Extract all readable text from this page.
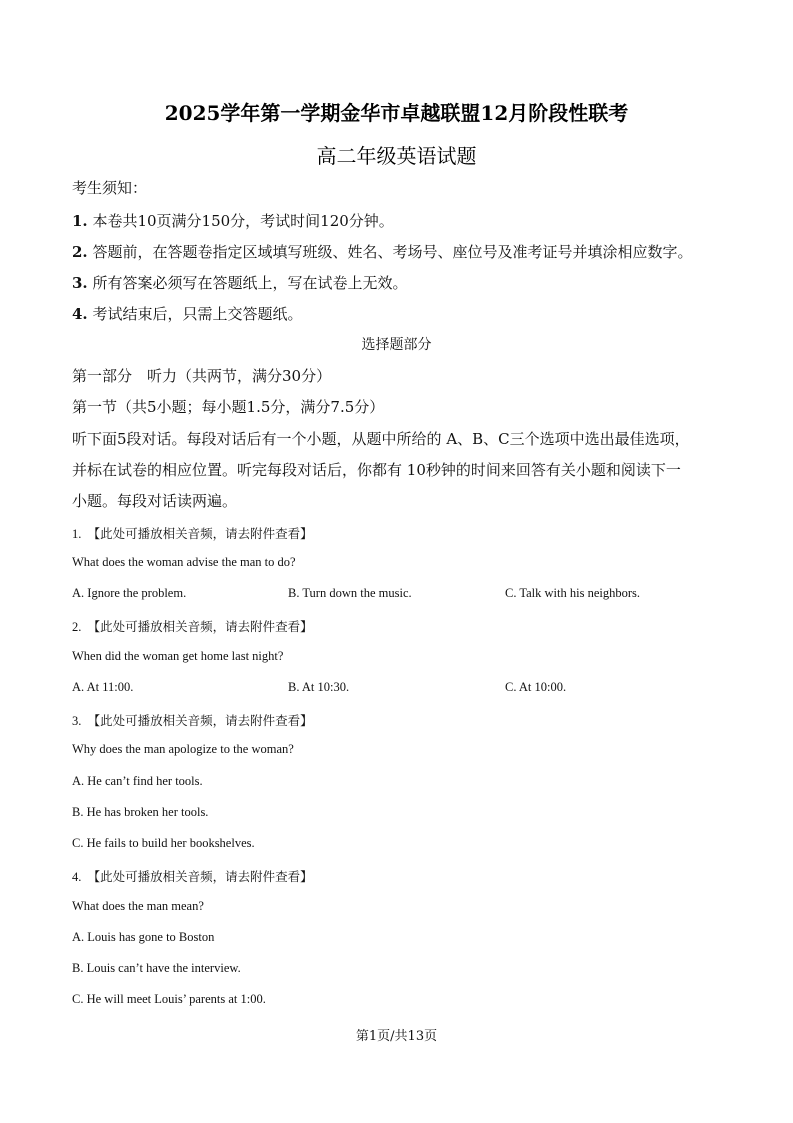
2025学年第一学期金华市卓越联盟12月阶段性联考
高二年级英语试题
考生须知：
1. 本卷共10页满分150分，考试时间120分钟。
2. 答题前，在答题卷指定区域填写班级、姓名、考场号、座位号及准考证号并填涂相应数字。
3. 所有答案必须写在答题纸上，写在试卷上无效。
4. 考试结束后，只需上交答题纸。
选择题部分
第一部分　听力（共两节，满分30分）
第一节（共5小题；每小题1.5分，满分7.5分）
听下面5段对话。每段对话后有一个小题，从题中所给的 A、B、C三个选项中选出最佳选项，
并标在试卷的相应位置。听完每段对话后，你都有 10秒钟的时间来回答有关小题和阅读下一
小题。每段对话读两遍。
1.　【此处可播放相关音频，请去附件查看】
What does the woman advise the man to do?
A. Ignore the problem.	B. Turn down the music.	C. Talk with his neighbors.
2.　【此处可播放相关音频，请去附件查看】
When did the woman get home last night?
A. At 11:00.	B. At 10:30.	C. At 10:00.
3.　【此处可播放相关音频，请去附件查看】
Why does the man apologize to the woman?
A. He can’t find her tools.
B. He has broken her tools.
C. He fails to build her bookshelves.
4.　【此处可播放相关音频，请去附件查看】
What does the man mean?
A. Louis has gone to Boston
B. Louis can’t have the interview.
C. He will meet Louis’ parents at 1:00.
第1页/共13页
